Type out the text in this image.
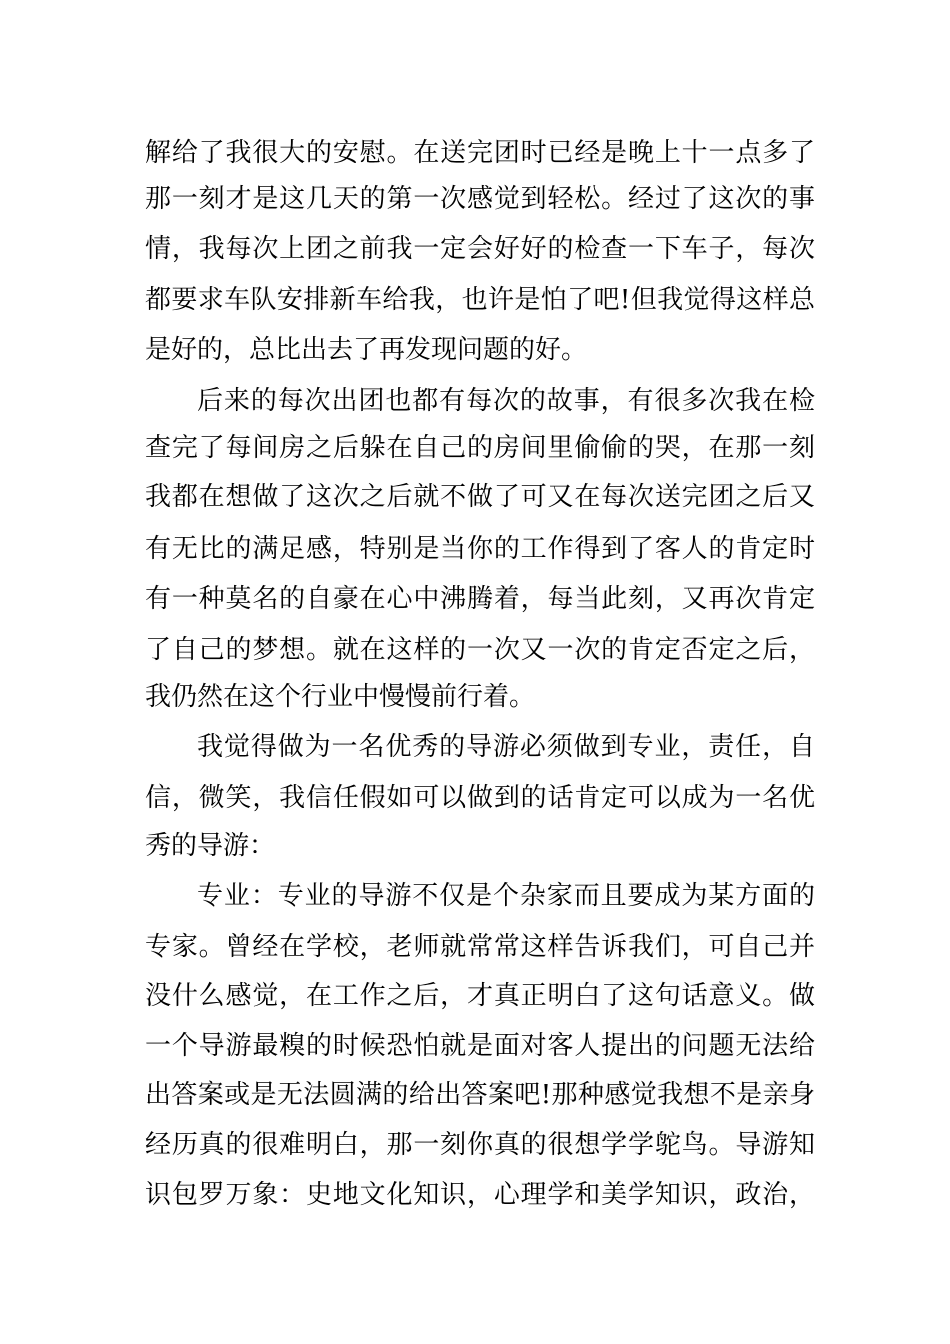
解给了我很大的安慰。在送完团时已经是晚上十一点多了
那一刻才是这几天的第一次感觉到轻松。经过了这次的事
情，我每次上团之前我一定会好好的检查一下车子，每次
都要求车队安排新车给我，也许是怕了吧!但我觉得这样总
是好的，总比出去了再发现问题的好。
后来的每次出团也都有每次的故事，有很多次我在检
查完了每间房之后躲在自己的房间里偷偷的哭，在那一刻
我都在想做了这次之后就不做了可又在每次送完团之后又
有无比的满足感，特别是当你的工作得到了客人的肯定时
有一种莫名的自豪在心中沸腾着，每当此刻，又再次肯定
了自己的梦想。就在这样的一次又一次的肯定否定之后，
我仍然在这个行业中慢慢前行着。
我觉得做为一名优秀的导游必须做到专业，责任，自
信，微笑，我信任假如可以做到的话肯定可以成为一名优
秀的导游：
专业：专业的导游不仅是个杂家而且要成为某方面的
专家。曾经在学校，老师就常常这样告诉我们，可自己并
没什么感觉，在工作之后，才真正明白了这句话意义。做
一个导游最糗的时候恐怕就是面对客人提出的问题无法给
出答案或是无法圆满的给出答案吧!那种感觉我想不是亲身
经历真的很难明白，那一刻你真的很想学学鸵鸟。导游知
识包罗万象：史地文化知识，心理学和美学知识，政治，
